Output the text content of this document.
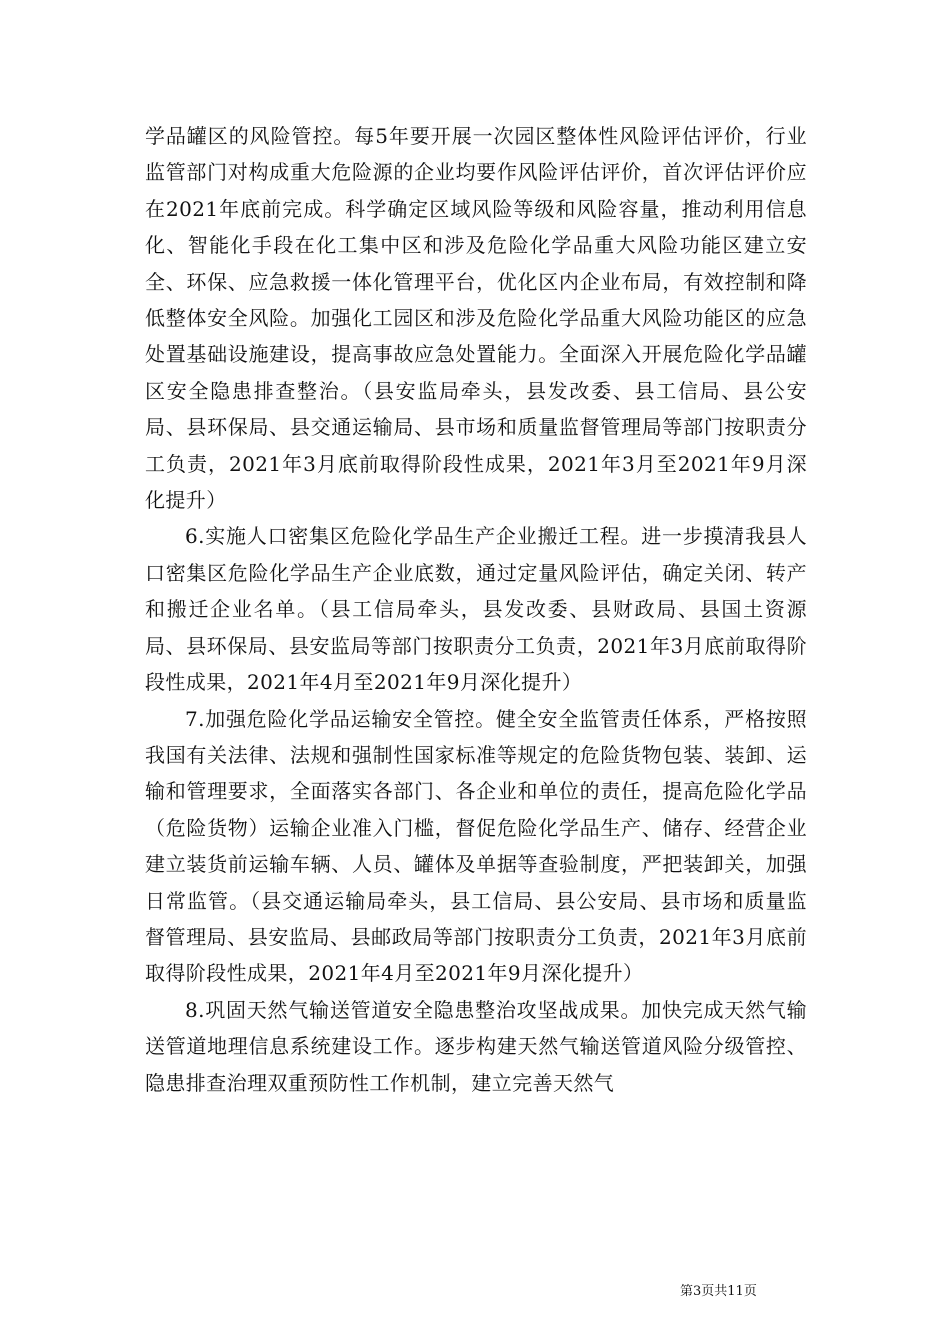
学品罐区的风险管控。每5年要开展一次园区整体性风险评估评价，行业监管部门对构成重大危险源的企业均要作风险评估评价，首次评估评价应在2021年底前完成。科学确定区域风险等级和风险容量，推动利用信息化、智能化手段在化工集中区和涉及危险化学品重大风险功能区建立安全、环保、应急救援一体化管理平台，优化区内企业布局，有效控制和降低整体安全风险。加强化工园区和涉及危险化学品重大风险功能区的应急处置基础设施建设，提高事故应急处置能力。全面深入开展危险化学品罐区安全隐患排查整治。（县安监局牵头，县发改委、县工信局、县公安局、县环保局、县交通运输局、县市场和质量监督管理局等部门按职责分工负责，2021年3月底前取得阶段性成果，2021年3月至2021年9月深化提升）

6.实施人口密集区危险化学品生产企业搬迁工程。进一步摸清我县人口密集区危险化学品生产企业底数，通过定量风险评估，确定关闭、转产和搬迁企业名单。（县工信局牵头，县发改委、县财政局、县国土资源局、县环保局、县安监局等部门按职责分工负责，2021年3月底前取得阶段性成果，2021年4月至2021年9月深化提升）

7.加强危险化学品运输安全管控。健全安全监管责任体系，严格按照我国有关法律、法规和强制性国家标准等规定的危险货物包装、装卸、运输和管理要求，全面落实各部门、各企业和单位的责任，提高危险化学品（危险货物）运输企业准入门槛，督促危险化学品生产、储存、经营企业建立装货前运输车辆、人员、罐体及单据等查验制度，严把装卸关，加强日常监管。（县交通运输局牵头，县工信局、县公安局、县市场和质量监督管理局、县安监局、县邮政局等部门按职责分工负责，2021年3月底前取得阶段性成果，2021年4月至2021年9月深化提升）

8.巩固天然气输送管道安全隐患整治攻坚战成果。加快完成天然气输送管道地理信息系统建设工作。逐步构建天然气输送管道风险分级管控、隐患排查治理双重预防性工作机制，建立完善天然气

第3页共11页
